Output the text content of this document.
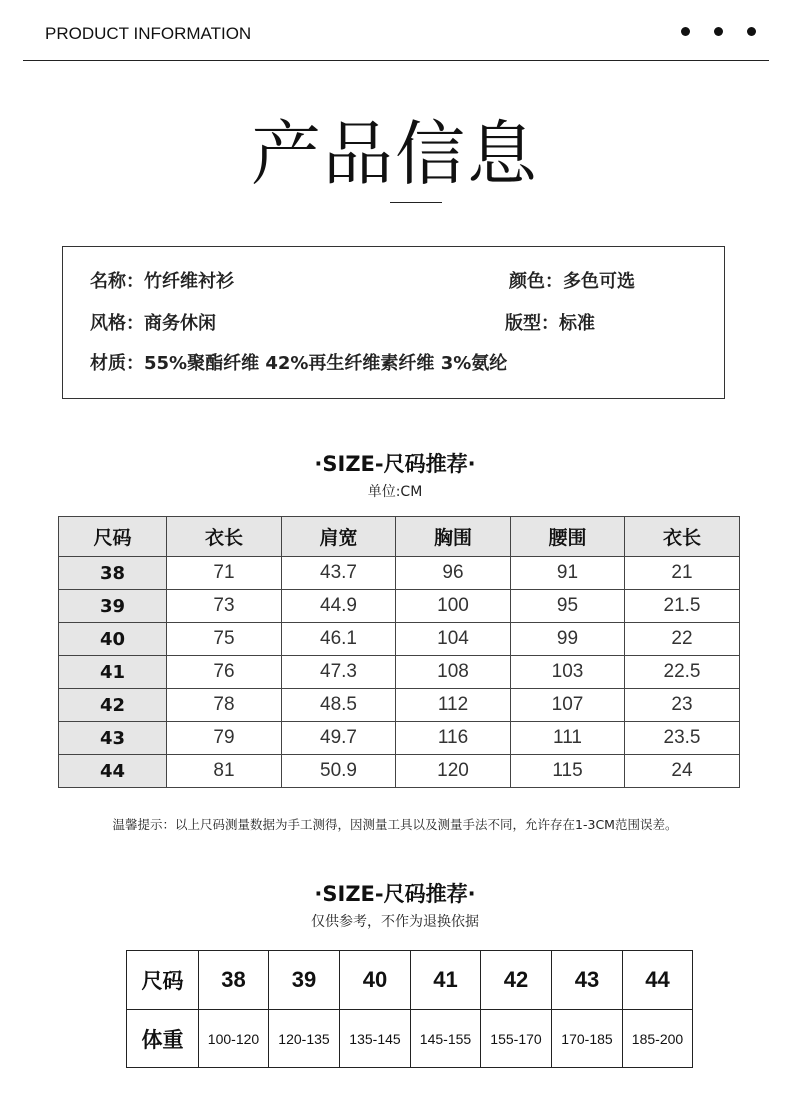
PRODUCT INFORMATION
产品信息
名称：竹纤维衬衫	颜色：多色可选
风格：商务休闲	版型：标准
材质：55%聚酯纤维 42%再生纤维素纤维 3%氨纶
·SIZE-尺码推荐·
单位:CM
尺码	衣长	肩宽	胸围	腰围	衣长
38	71	43.7	96	91	21
39	73	44.9	100	95	21.5
40	75	46.1	104	99	22
41	76	47.3	108	103	22.5
42	78	48.5	112	107	23
43	79	49.7	116	111	23.5
44	81	50.9	120	115	24
温馨提示：以上尺码测量数据为手工测得，因测量工具以及测量手法不同，允许存在1-3CM范围误差。
·SIZE-尺码推荐·
仅供参考，不作为退换依据
尺码	38	39	40	41	42	43	44
体重	100-120	120-135	135-145	145-155	155-170	170-185	185-200
